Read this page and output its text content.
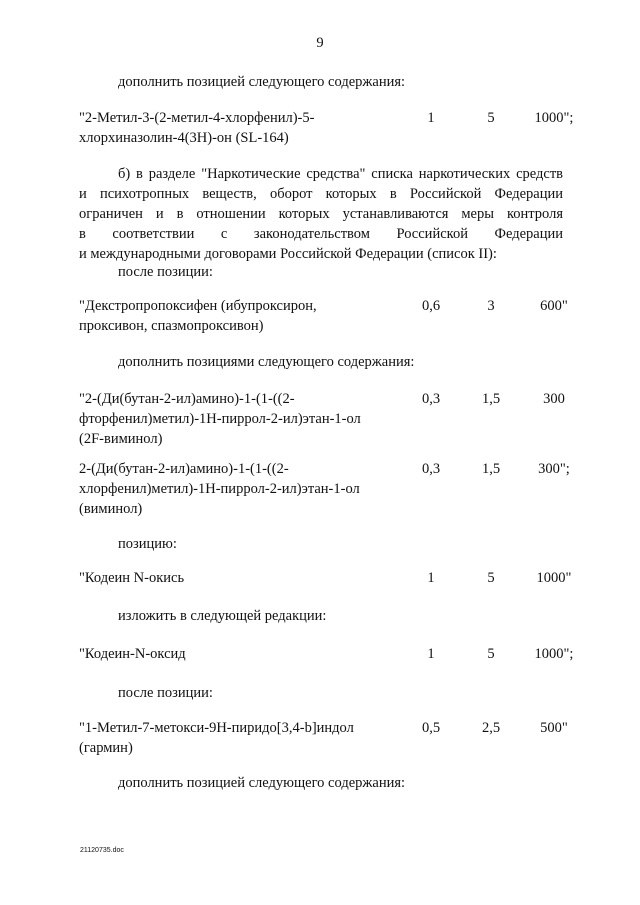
9
дополнить позицией следующего содержания:
"2-Метил-3-(2-метил-4-хлорфенил)-5-
хлорхиназолин-4(3Н)-он (SL-164)
1	5	1000";
б) в разделе "Наркотические средства" списка наркотических средств
и психотропных веществ, оборот которых в Российской Федерации
ограничен и в отношении которых устанавливаются меры контроля
в соответствии с законодательством Российской Федерации
и международными договорами Российской Федерации (список II):
после позиции:
"Декстропропоксифен (ибупроксирон,
проксивон, спазмопроксивон)
0,6	3	600"
дополнить позициями следующего содержания:
"2-(Ди(бутан-2-ил)амино)-1-(1-((2-
фторфенил)метил)-1Н-пиррол-2-ил)этан-1-ол
(2F-виминол)
0,3	1,5	300
2-(Ди(бутан-2-ил)амино)-1-(1-((2-
хлорфенил)метил)-1Н-пиррол-2-ил)этан-1-ол
(виминол)
0,3	1,5	300";
позицию:
"Кодеин N-окись	1	5	1000"
изложить в следующей редакции:
"Кодеин-N-оксид	1	5	1000";
после позиции:
"1-Метил-7-метокси-9Н-пиридо[3,4-b]индол
(гармин)
0,5	2,5	500"
дополнить позицией следующего содержания:
21120735.doc
